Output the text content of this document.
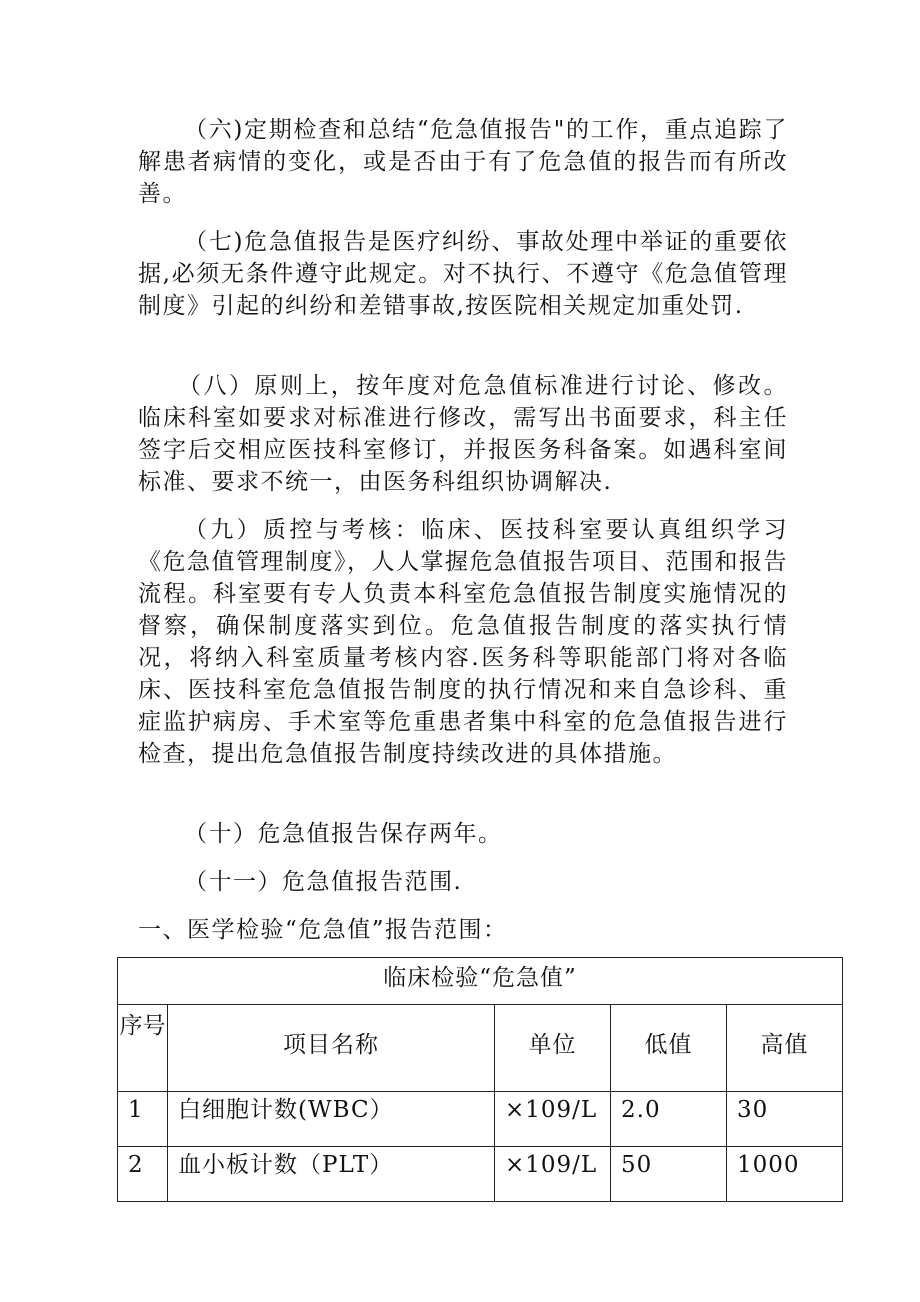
（六)定期检查和总结“危急值报告"的工作，重点追踪了解患者病情的变化，或是否由于有了危急值的报告而有所改善。

（七)危急值报告是医疗纠纷、事故处理中举证的重要依据,必须无条件遵守此规定。对不执行、不遵守《危急值管理制度》引起的纠纷和差错事故,按医院相关规定加重处罚.

（八）原则上，按年度对危急值标准进行讨论、修改。临床科室如要求对标准进行修改，需写出书面要求，科主任签字后交相应医技科室修订，并报医务科备案。如遇科室间标准、要求不统一，由医务科组织协调解决.

（九）质控与考核：临床、医技科室要认真组织学习《危急值管理制度》，人人掌握危急值报告项目、范围和报告流程。科室要有专人负责本科室危急值报告制度实施情况的督察，确保制度落实到位。危急值报告制度的落实执行情况，将纳入科室质量考核内容.医务科等职能部门将对各临床、医技科室危急值报告制度的执行情况和来自急诊科、重症监护病房、手术室等危重患者集中科室的危急值报告进行检查，提出危急值报告制度持续改进的具体措施。

（十）危急值报告保存两年。

（十一）危急值报告范围.

一、医学检验“危急值”报告范围：

临床检验“危急值”				
序号	项目名称	单位	低值	高值
1	白细胞计数(WBC）	×109/L	2.0	30
2	血小板计数（PLT）	×109/L	50	1000
